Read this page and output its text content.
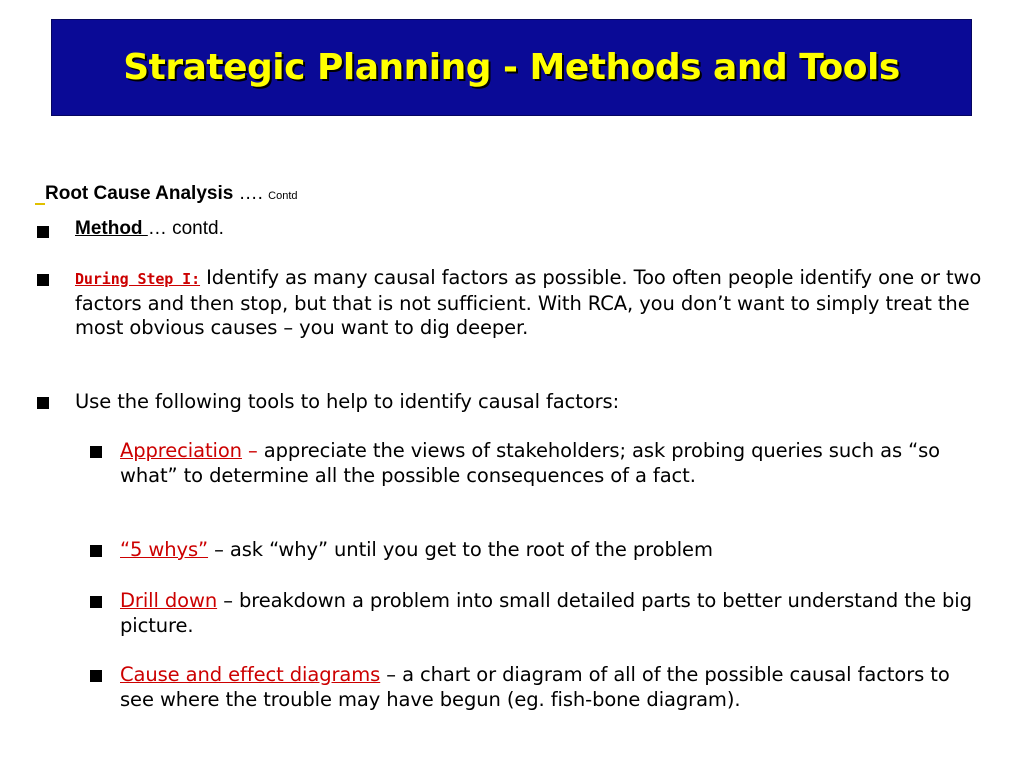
Strategic Planning - Methods and Tools
Root Cause Analysis …. Contd
Method … contd.
During Step I: Identify as many causal factors as possible. Too often people identify one or two factors and then stop, but that is not sufficient. With RCA, you don’t want to simply treat the most obvious causes – you want to dig deeper.
Use the following tools to help to identify causal factors:
Appreciation – appreciate the views of stakeholders; ask probing queries such as “so what” to determine all the possible consequences of a fact.
“5 whys” – ask “why” until you get to the root of the problem
Drill down – breakdown a problem into small detailed parts to better understand the big picture.
Cause and effect diagrams – a chart or diagram of all of the possible causal factors to see where the trouble may have begun (eg. fish-bone diagram).
